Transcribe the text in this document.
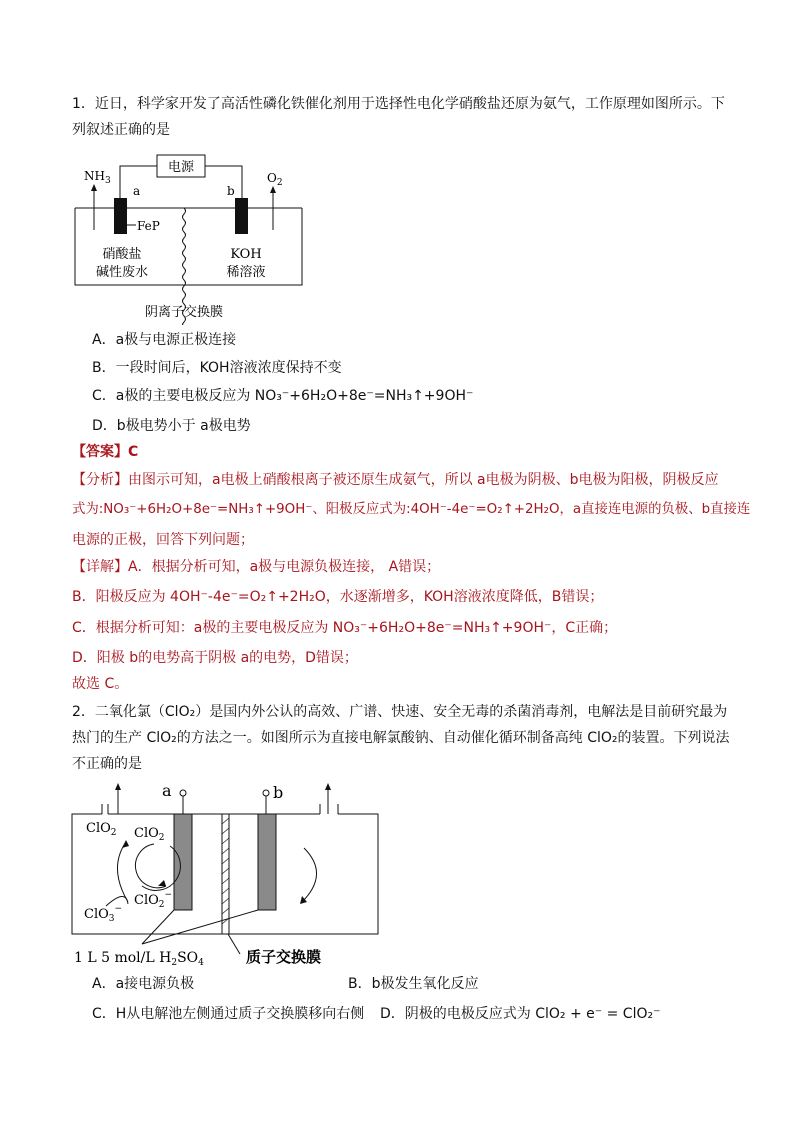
1．近日，科学家开发了高活性磷化铁催化剂用于选择性电化学硝酸盐还原为氨气，工作原理如图所示。下
列叙述正确的是
电源
a	b
$NH_3$	$O_2$
FeP
硝酸盐
碱性废水
KOH
稀溶液
阴离子交换膜
A．a极与电源正极连接
B．一段时间后，KOH溶液浓度保持不变
C．a极的主要电极反应为 NO₃⁻+6H₂O+8e⁻=NH₃↑+9OH⁻
D．b极电势小于 a极电势
【答案】C
【分析】由图示可知，a电极上硝酸根离子被还原生成氨气，所以 a电极为阴极、b电极为阳极，阴极反应
式为:NO₃⁻+6H₂O+8e⁻=NH₃↑+9OH⁻、阳极反应式为:4OH⁻-4e⁻=O₂↑+2H₂O，a直接连电源的负极、b直接连
电源的正极，回答下列问题；
【详解】A．根据分析可知，a极与电源负极连接， A错误；
B．阳极反应为 4OH⁻-4e⁻=O₂↑+2H₂O，水逐渐增多，KOH溶液浓度降低，B错误；
C．根据分析可知：a极的主要电极反应为 NO₃⁻+6H₂O+8e⁻=NH₃↑+9OH⁻，C正确；
D．阳极 b的电势高于阴极 a的电势，D错误；
故选 C。
2．二氧化氯（ClO₂）是国内外公认的高效、广谱、快速、安全无毒的杀菌消毒剂，电解法是目前研究最为
热门的生产 ClO₂的方法之一。如图所示为直接电解氯酸钠、自动催化循环制备高纯 ClO₂的装置。下列说法
不正确的是
a	b
ClO$_2$ ClO$_2$
ClO$_2$−
ClO$_3$−
1 L 5 mol/L $H_2SO_4$	质子交换膜
A．a接电源负极	B．b极发生氧化反应
C．H从电解池左侧通过质子交换膜移向右侧 D．阴极的电极反应式为 ClO₂ + e⁻ = ClO₂⁻
